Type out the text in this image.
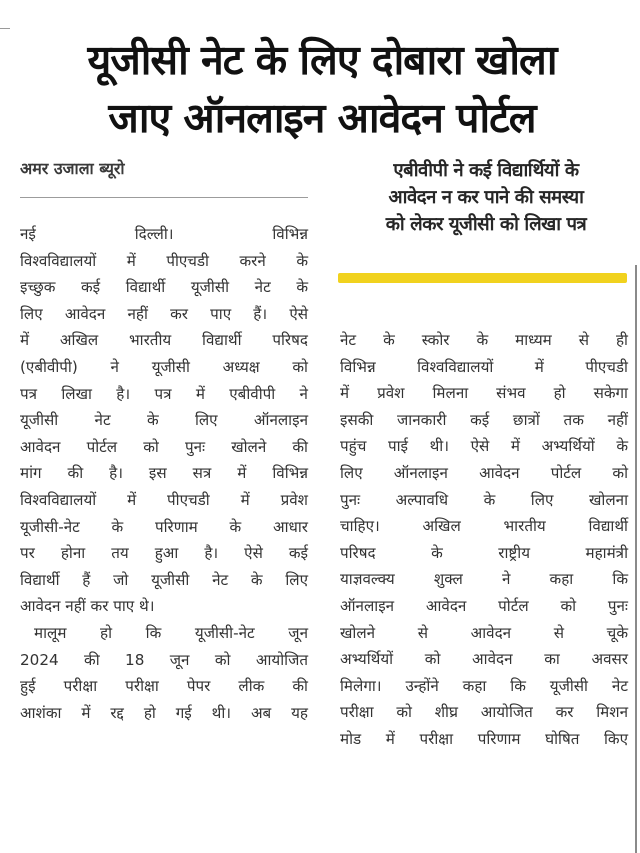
यूजीसी नेट के लिए दोबारा खोला
जाए ऑनलाइन आवेदन पोर्टल
अमर उजाला ब्यूरो
नई दिल्ली। विभिन्न
विश्वविद्यालयों में पीएचडी करने के
इच्छुक कई विद्यार्थी यूजीसी नेट के
लिए आवेदन नहीं कर पाए हैं। ऐसे
में अखिल भारतीय विद्यार्थी परिषद
(एबीवीपी) ने यूजीसी अध्यक्ष को
पत्र लिखा है। पत्र में एबीवीपी ने
यूजीसी नेट के लिए ऑनलाइन
आवेदन पोर्टल को पुनः खोलने की
मांग की है। इस सत्र में विभिन्न
विश्वविद्यालयों में पीएचडी में प्रवेश
यूजीसी-नेट के परिणाम के आधार
पर होना तय हुआ है। ऐसे कई
विद्यार्थी हैं जो यूजीसी नेट के लिए
आवेदन नहीं कर पाए थे।
मालूम हो कि यूजीसी-नेट जून
2024 की 18 जून को आयोजित
हुई परीक्षा परीक्षा पेपर लीक की
आशंका में रद्द हो गई थी। अब यह
एबीवीपी ने कई विद्यार्थियों के
आवेदन न कर पाने की समस्या
को लेकर यूजीसी को लिखा पत्र
नेट के स्कोर के माध्यम से ही
विभिन्न विश्वविद्यालयों में पीएचडी
में प्रवेश मिलना संभव हो सकेगा
इसकी जानकारी कई छात्रों तक नहीं
पहुंच पाई थी। ऐसे में अभ्यर्थियों के
लिए ऑनलाइन आवेदन पोर्टल को
पुनः अल्पावधि के लिए खोलना
चाहिए। अखिल भारतीय विद्यार्थी
परिषद के राष्ट्रीय महामंत्री
याज्ञवल्क्य शुक्ल ने कहा कि
ऑनलाइन आवेदन पोर्टल को पुनः
खोलने से आवेदन से चूके
अभ्यर्थियों को आवेदन का अवसर
मिलेगा। उन्होंने कहा कि यूजीसी नेट
परीक्षा को शीघ्र आयोजित कर मिशन
मोड में परीक्षा परिणाम घोषित किए
